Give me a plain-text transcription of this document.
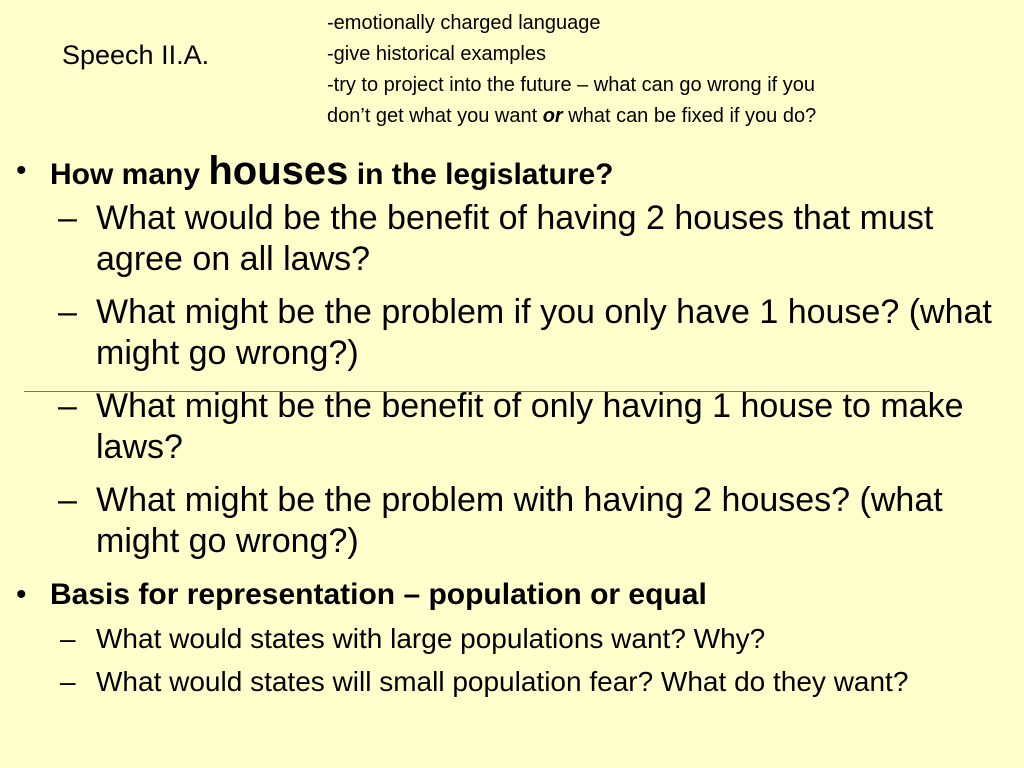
Speech II.A.
-emotionally charged language
-give historical examples
-try to project into the future – what can go wrong if you
don’t get what you want or what can be fixed if you do?
• How many houses in the legislature?
– What would be the benefit of having 2 houses that must agree on all laws?
– What might be the problem if you only have 1 house? (what might go wrong?)
– What might be the benefit of only having 1 house to make laws?
– What might be the problem with having 2 houses? (what might go wrong?)
• Basis for representation – population or equal
– What would states with large populations want? Why?
– What would states will small population fear? What do they want?
